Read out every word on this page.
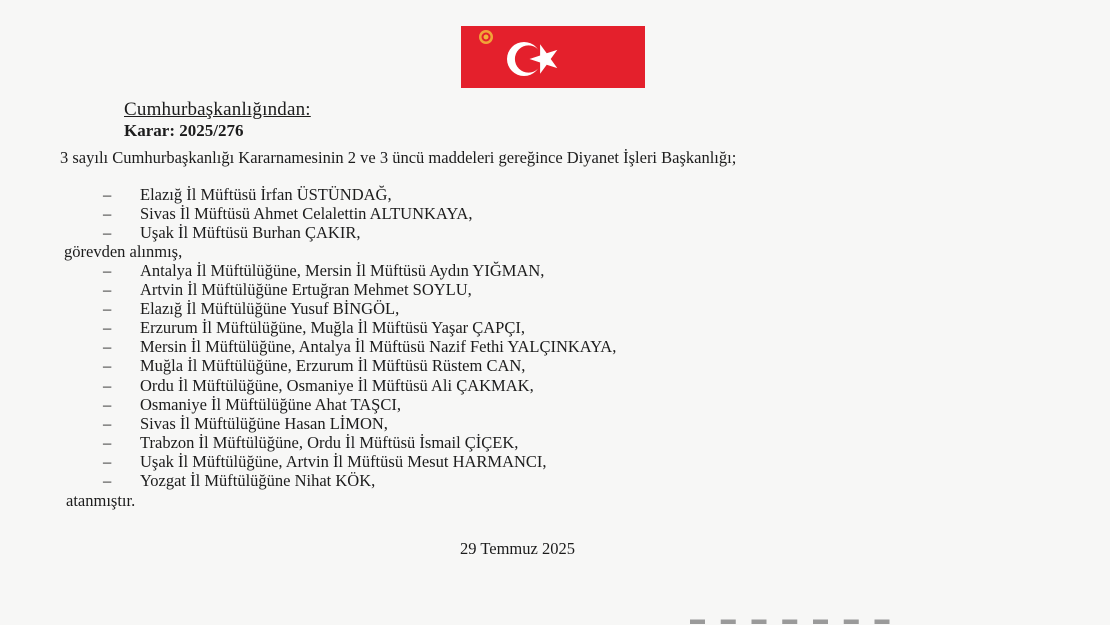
Cumhurbaşkanlığından:

Karar: 2025/276

3 sayılı Cumhurbaşkanlığı Kararnamesinin 2 ve 3 üncü maddeleri gereğince Diyanet İşleri Başkanlığı;

– Elazığ İl Müftüsü İrfan ÜSTÜNDAĞ,
– Sivas İl Müftüsü Ahmet Celalettin ALTUNKAYA,
– Uşak İl Müftüsü Burhan ÇAKIR,

görevden alınmış,

– Antalya İl Müftülüğüne, Mersin İl Müftüsü Aydın YIĞMAN,
– Artvin İl Müftülüğüne Ertuğran Mehmet SOYLU,
– Elazığ İl Müftülüğüne Yusuf BİNGÖL,
– Erzurum İl Müftülüğüne, Muğla İl Müftüsü Yaşar ÇAPÇI,
– Mersin İl Müftülüğüne, Antalya İl Müftüsü Nazif Fethi YALÇINKAYA,
– Muğla İl Müftülüğüne, Erzurum İl Müftüsü Rüstem CAN,
– Ordu İl Müftülüğüne, Osmaniye İl Müftüsü Ali ÇAKMAK,
– Osmaniye İl Müftülüğüne Ahat TAŞCI,
– Sivas İl Müftülüğüne Hasan LİMON,
– Trabzon İl Müftülüğüne, Ordu İl Müftüsü İsmail ÇİÇEK,
– Uşak İl Müftülüğüne, Artvin İl Müftüsü Mesut HARMANCI,
– Yozgat İl Müftülüğüne Nihat KÖK,

atanmıştır.

29 Temmuz 2025

▬ ▬ ▬ ▬ ▬ ▬ ▬
